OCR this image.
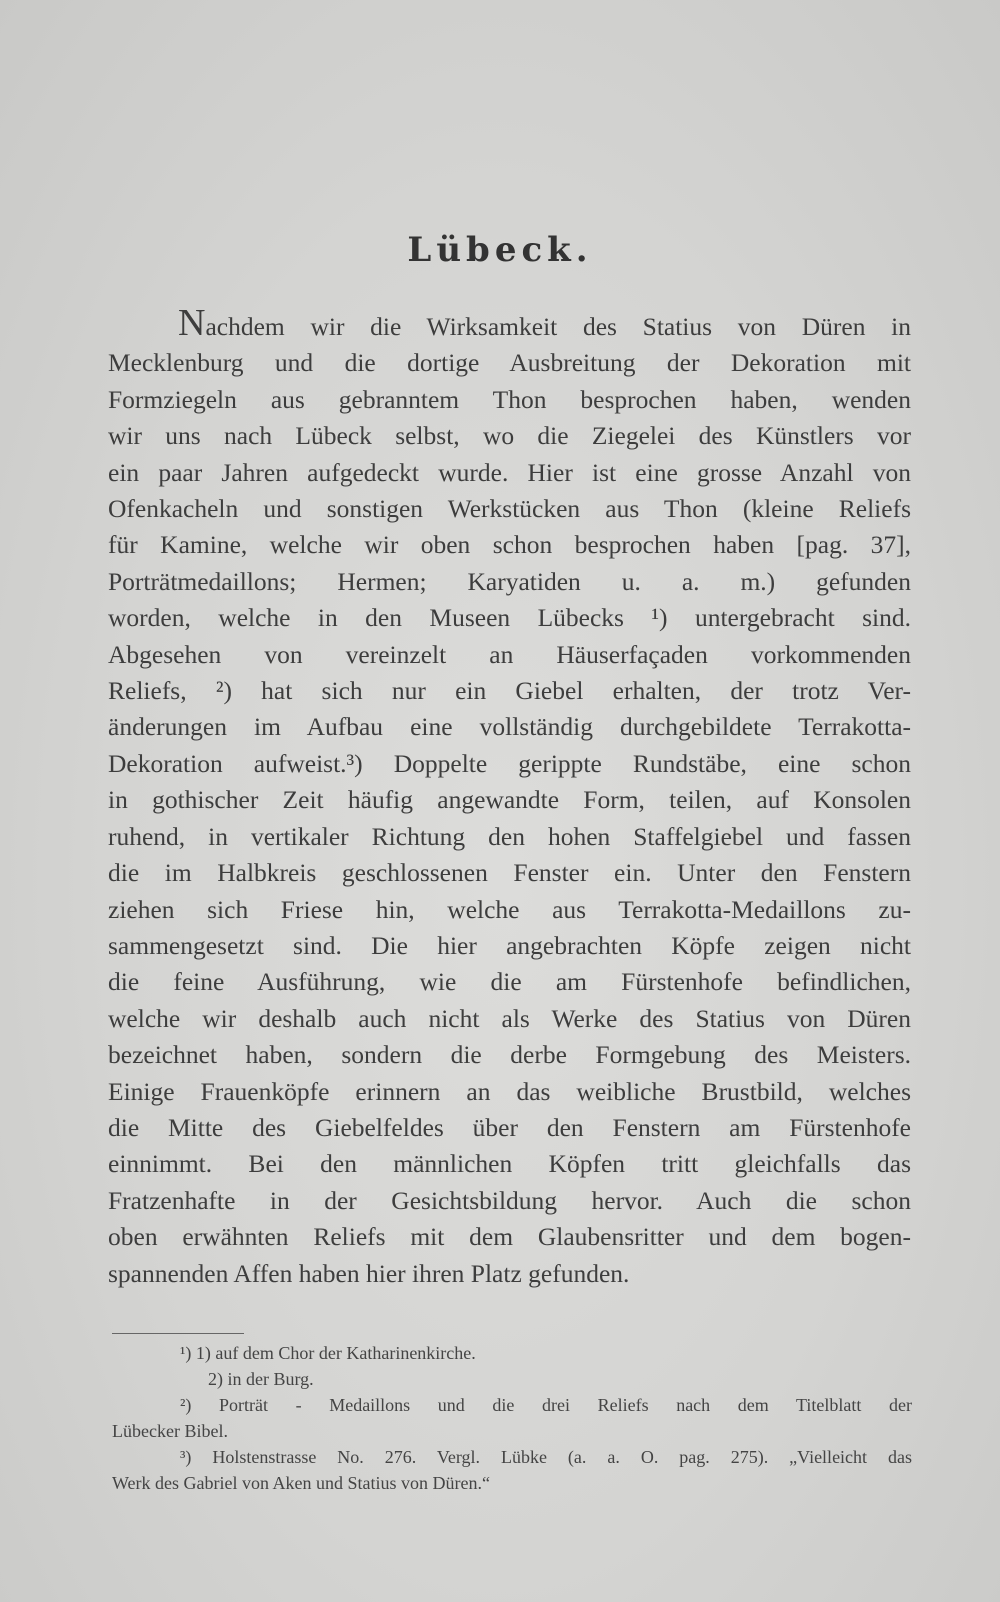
Lübeck.
Nachdem wir die Wirksamkeit des Statius von Düren in
Mecklenburg und die dortige Ausbreitung der Dekoration mit
Formziegeln aus gebranntem Thon besprochen haben, wenden
wir uns nach Lübeck selbst, wo die Ziegelei des Künstlers vor
ein paar Jahren aufgedeckt wurde. Hier ist eine grosse Anzahl von
Ofenkacheln und sonstigen Werkstücken aus Thon (kleine Reliefs
für Kamine, welche wir oben schon besprochen haben [pag. 37],
Porträtmedaillons; Hermen; Karyatiden u. a. m.) gefunden
worden, welche in den Museen Lübecks ¹) untergebracht sind.
Abgesehen von vereinzelt an Häuserfaçaden vorkommenden
Reliefs, ²) hat sich nur ein Giebel erhalten, der trotz Ver-
änderungen im Aufbau eine vollständig durchgebildete Terrakotta-
Dekoration aufweist.³) Doppelte gerippte Rundstäbe, eine schon
in gothischer Zeit häufig angewandte Form, teilen, auf Konsolen
ruhend, in vertikaler Richtung den hohen Staffelgiebel und fassen
die im Halbkreis geschlossenen Fenster ein. Unter den Fenstern
ziehen sich Friese hin, welche aus Terrakotta-Medaillons zu-
sammengesetzt sind. Die hier angebrachten Köpfe zeigen nicht
die feine Ausführung, wie die am Fürstenhofe befindlichen,
welche wir deshalb auch nicht als Werke des Statius von Düren
bezeichnet haben, sondern die derbe Formgebung des Meisters.
Einige Frauenköpfe erinnern an das weibliche Brustbild, welches
die Mitte des Giebelfeldes über den Fenstern am Fürstenhofe
einnimmt. Bei den männlichen Köpfen tritt gleichfalls das
Fratzenhafte in der Gesichtsbildung hervor. Auch die schon
oben erwähnten Reliefs mit dem Glaubensritter und dem bogen-
spannenden Affen haben hier ihren Platz gefunden.
¹) 1) auf dem Chor der Katharinenkirche.
2) in der Burg.
²) Porträt - Medaillons und die drei Reliefs nach dem Titelblatt der
Lübecker Bibel.
³) Holstenstrasse No. 276. Vergl. Lübke (a. a. O. pag. 275). „Vielleicht das
Werk des Gabriel von Aken und Statius von Düren.“
